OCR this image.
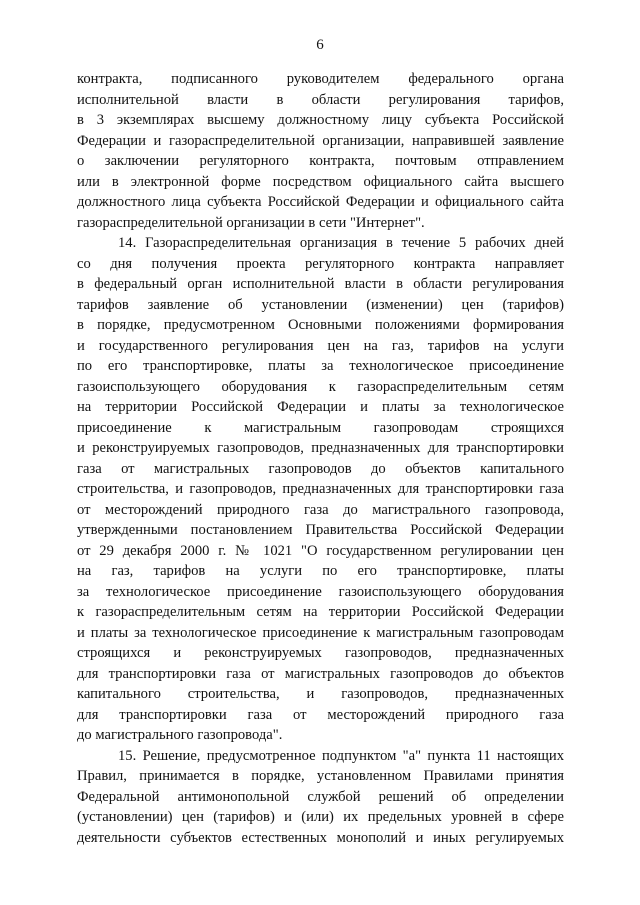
6
контракта, подписанного руководителем федерального органа
исполнительной власти в области регулирования тарифов,
в 3 экземплярах высшему должностному лицу субъекта Российской
Федерации и газораспределительной организации, направившей заявление
о заключении регуляторного контракта, почтовым отправлением
или в электронной форме посредством официального сайта высшего
должностного лица субъекта Российской Федерации и официального сайта
газораспределительной организации в сети "Интернет".
14. Газораспределительная организация в течение 5 рабочих дней
со дня получения проекта регуляторного контракта направляет
в федеральный орган исполнительной власти в области регулирования
тарифов заявление об установлении (изменении) цен (тарифов)
в порядке, предусмотренном Основными положениями формирования
и государственного регулирования цен на газ, тарифов на услуги
по его транспортировке, платы за технологическое присоединение
газоиспользующего оборудования к газораспределительным сетям
на территории Российской Федерации и платы за технологическое
присоединение к магистральным газопроводам строящихся
и реконструируемых газопроводов, предназначенных для транспортировки
газа от магистральных газопроводов до объектов капитального
строительства, и газопроводов, предназначенных для транспортировки газа
от месторождений природного газа до магистрального газопровода,
утвержденными постановлением Правительства Российской Федерации
от 29 декабря 2000 г. № 1021 "О государственном регулировании цен
на газ, тарифов на услуги по его транспортировке, платы
за технологическое присоединение газоиспользующего оборудования
к газораспределительным сетям на территории Российской Федерации
и платы за технологическое присоединение к магистральным газопроводам
строящихся и реконструируемых газопроводов, предназначенных
для транспортировки газа от магистральных газопроводов до объектов
капитального строительства, и газопроводов, предназначенных
для транспортировки газа от месторождений природного газа
до магистрального газопровода".
15. Решение, предусмотренное подпунктом "а" пункта 11 настоящих
Правил, принимается в порядке, установленном Правилами принятия
Федеральной антимонопольной службой решений об определении
(установлении) цен (тарифов) и (или) их предельных уровней в сфере
деятельности субъектов естественных монополий и иных регулируемых
